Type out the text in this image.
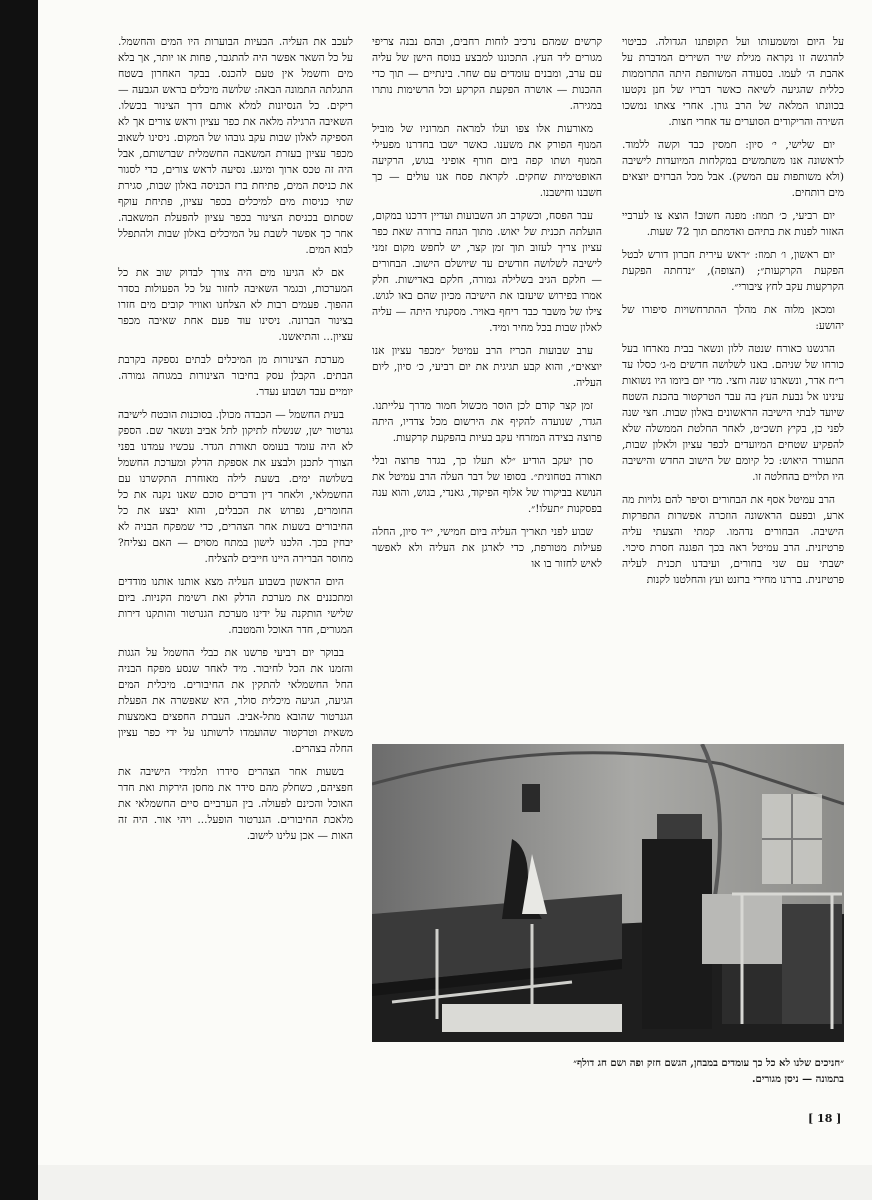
על היום ומשמעותו ועל תקופתנו הגדולה. כביטוי להרגשה זו נקראה מגילת שיר השירים המדברת על אהבת ה׳ לעמו. בסעודה המשותפת היתה התרוממות כללית שהגיעה לשיאה כאשר דבריו של חנן נקטעו בכוונתו המלאה של הרב גורן. אחרי צאתו נמשכו השירה והריקודים הסוערים עד אחרי חצות.

יום שלישי, י׳ סיון: חמסין כבד וקשה ללמוד. לראשונה אנו משתמשים במקלחות המיועדות לישיבה (ולא משותפות עם המשק). אבל מכל הברזים יוצאים מים רותחים.

יום רביעי, כ׳ תמוז: מפנה חשוב! הוצא צו לערביי האזור לפנות את בתיהם ואדמתם תוך 72 שעות.

יום ראשון, ו׳ תמוז: ״ראש עירית חברון דורש לבטל הפקעת הקרקעות״; (הצופה), ״נדחתה הפקעת הקרקעות עקב לחץ ציבורי״.

ומכאן מלוה את מהלך ההתרחשויות סיפורו של יהושע:

הרגשנו כאורח שנטה ללון ונשאר בבית מארחו בעל כורחו של שניהם. באנו לשלושה חדשים מ-ג׳ כסלו עד ר״ח אדר, ונשארנו שנה וחצי. מדי יום ביומו היו נשואות עינינו אל גבעת העץ בה עבד הטרקטור בהכנת השטח שיועד לבתי הישיבה הראשונים באלון שבות. חצי שנה לפני כן, בקיץ תשכ״ט, לאחר החלטת הממשלה שלא להפקיע שטחים המיועדים לכפר עציון ולאלון שבות, התעורר היאוש: כל קיומם של הישוב החדש והישיבה היו תלויים בהחלטה זו.

הרב עמיטל אסף את הבחורים וסיפר להם גלויות מה ארע, ובפעם הראשונה הוזכרה אפשרות התפרקות הישיבה. הבחורים נדהמו. קמתי והצעתי עליה פרטיזנית. הרב עמיטל ראה בכך הפגנה חסרת סיכוי. ישבתי עם שני בחורים, ועיבדנו תכנית לעליה פרטיזנית. בררנו מחירי ברזנט ועץ והחלטנו לקנות

קרשים שמהם נרכיב לוחות רחבים, ובהם נבנה צריפי מגורים ליד העץ. התכוננו למבצע בנוסח הישן של עליה עם ערב, ומבנים עומדים עם שחר. בינתיים — תוך כדי ההכנות — אושרה הפקעת הקרקע וכל הרשימות נותרו במגירה.

מאורעות אלו צפו ועלו למראה תמרוניו של מוביל המנוף הפורק את משענו. כאשר ישבו בחדרנו מפעילי המנוף ושתו קפה ביום חורף אופיני בגוש, הרקיעה האופטימיות שחקים. לקראת פסח אנו עולים — כך חשבנו וחישבנו.

עבר הפסח, וכשקרב חג השבועות ועדיין דרכנו במקום, הועלתה תכנית של יאוש. מתוך הנחה ברורה שאת כפר עציון צריך לעזוב תוך זמן קצר, יש לחפש מקום זמני לישיבה לשלושה חודשים עד שיושלם הישוב. הבחורים — חלקם הגיב בשלילה גמורה, חלקם באדישות. חלק אמרו בפירוש שיעזבו את הישיבה מכיון שהם באו לגוש. צילו של משבר כבד ריחף באויר. מסקנתי היתה — עליה לאלון שבות בכל מחיר ומיד.

ערב שבועות הכריז הרב עמיטל ״מכפר עציון אנו יוצאים״, והוא קבע תגיגית את יום רביעי, כ׳ סיון, ליום העליה.

זמן קצר קודם לכן הוסר מכשול חמור מדרך עלייתנו. הגדר, שנועדה להקיף את הירשום מכל צדדיו, היתה פרוצה בצידה המזרחי עקב בעיות בהפקעת קרקעות.

סרן יעקב הודיע ״לא תעלו כך, בגדר פרוצה ובלי תאורה בטחונית״. בסופו של דבר העלה הרב עמיטל את הנושא בביקורו של אלוף הפיקוד, גאנדי, בגוש, והוא ענה בפסקנות ״תעלו!״.

שבוע לפני תאריך העליה ביום חמישי, י״ד סיון, החלה פעילות מטורפת, כדי לארגן את העליה ולא לאפשר לאיש לחזור בו או

לעכב את העליה. הבעיות הבוערות היו המים והחשמל. על כל השאר אפשר היה להתגבר, פחות או יותר, אך בלא מים וחשמל אין טעם להכנס. בבקר האחרון בשטח התגלתה התמונה הבאה: שלושה מיכלים בראש הגבעה — ריקים. כל הנסיונות למלא אותם דרך הצינור בכשלו. השאיבה הרגילה מלאה את כפר עציון וראש צורים אך לא הספיקה לאלון שבות עקב גובהו של המקום. ניסינו לשאוב מכפר עציון בעזרת המשאבה החשמלית שברשותם, אבל היה זה טכס ארוך ומיגע. נסיעה לראש צורים, כדי לסגור את כניסת המים, פתיחת ברז הכניסה באלון שבות, סגירת שתי כניסות מים למיכלים בכפר עציון, פתיחת עוקף שסתום בכניסת הצינור בכפר עציון להפעלת המשאבה. אחר כך אפשר לשבת על המיכלים באלון שבות ולהתפלל לבוא המים.

אם לא הגיעו מים היה צורך לבדוק שוב את כל המערכות, ובגמר השאיבה לחזור על כל הפעולות בסדר ההפוך. פעמים רבות לא הצלחנו ואוויר קובים מים חזרו בצינור הברונה. ניסינו עוד פעם אחת שאיבה מכפר עציון... והתיאשנו.

מערכת הצינורות מן המיכלים לבתים נספקה בקרבת הבתים. הקבלן עסק בחיבור הצינורות במגוחה גמורה. יומיים עבד ושבוע נעדר.

בעית החשמל — הכבדה מכולן. בסוכנות הובטח לישיבה גנרטור ישן, שנשלח לתיקון לתל אביב ונשאר שם. הספק לא היה עומד בעומס תאורת הגדר. עכשיו עמדנו בפני הצורך לתכנן ולבצע את אספקת הדלק ומערכת החשמל בשלושה ימים. בשעת לילה מאוחרת התקשרנו עם החשמלאי, ולאחר דין ודברים סוכם שאנו נקנה את כל החומרים, נפרוש את הכבלים, והוא יבצע את כל החיבורים בשעות אחר הצהרים, כדי שמפקח הבניה לא יבחין בכך. הלכנו לישון במתח מסוים — האם נצליח? מחוסר הברירה היינו חייבים להצליח.

היום הראשון בשבוע העליה מצא אותנו אותנו מודדים ומתכננים את מערכת הדלק ואת רשימת הקניות. ביום שלישי הותקנה על ידינו מערכת הגנרטור והותקנו דירות המגורים, חדר האוכל והמטבח.

בבוקר יום רביעי פרשנו את כבלי החשמל על הגגות והזמנו את הכל לחיבור. מיד לאחר שנסע מפקח הבניה החל החשמלאי להתקין את החיבורים. מיכלית המים הגיעה, הגיעה מיכלית סולר, היא שאפשרה את הפעלת הגנרטור שהובא מתל-אביב. העברת החפצים באמצעות משאית וטרקטור שהועמדו לרשותנו על ידי כפר עציון החלה בצהרים.

בשעות אחר הצהרים סידרו תלמידי הישיבה את חפציהם, כשחלק מהם סידר את מחסן הירקות ואת חדר האוכל והכינם לפעולה. בין הערביים סיים החשמלאי את מלאכת החיבורים. הגנרטור הופעל... ויהי אור. היה זה האות — אכן עלינו לישוב.

״חניכים שלנו לא כל כך עומדים במבחן, הגשם חזק ופה ושם חג דולף״
בתמונה — ניסן מגורים.
[ 18 ]
